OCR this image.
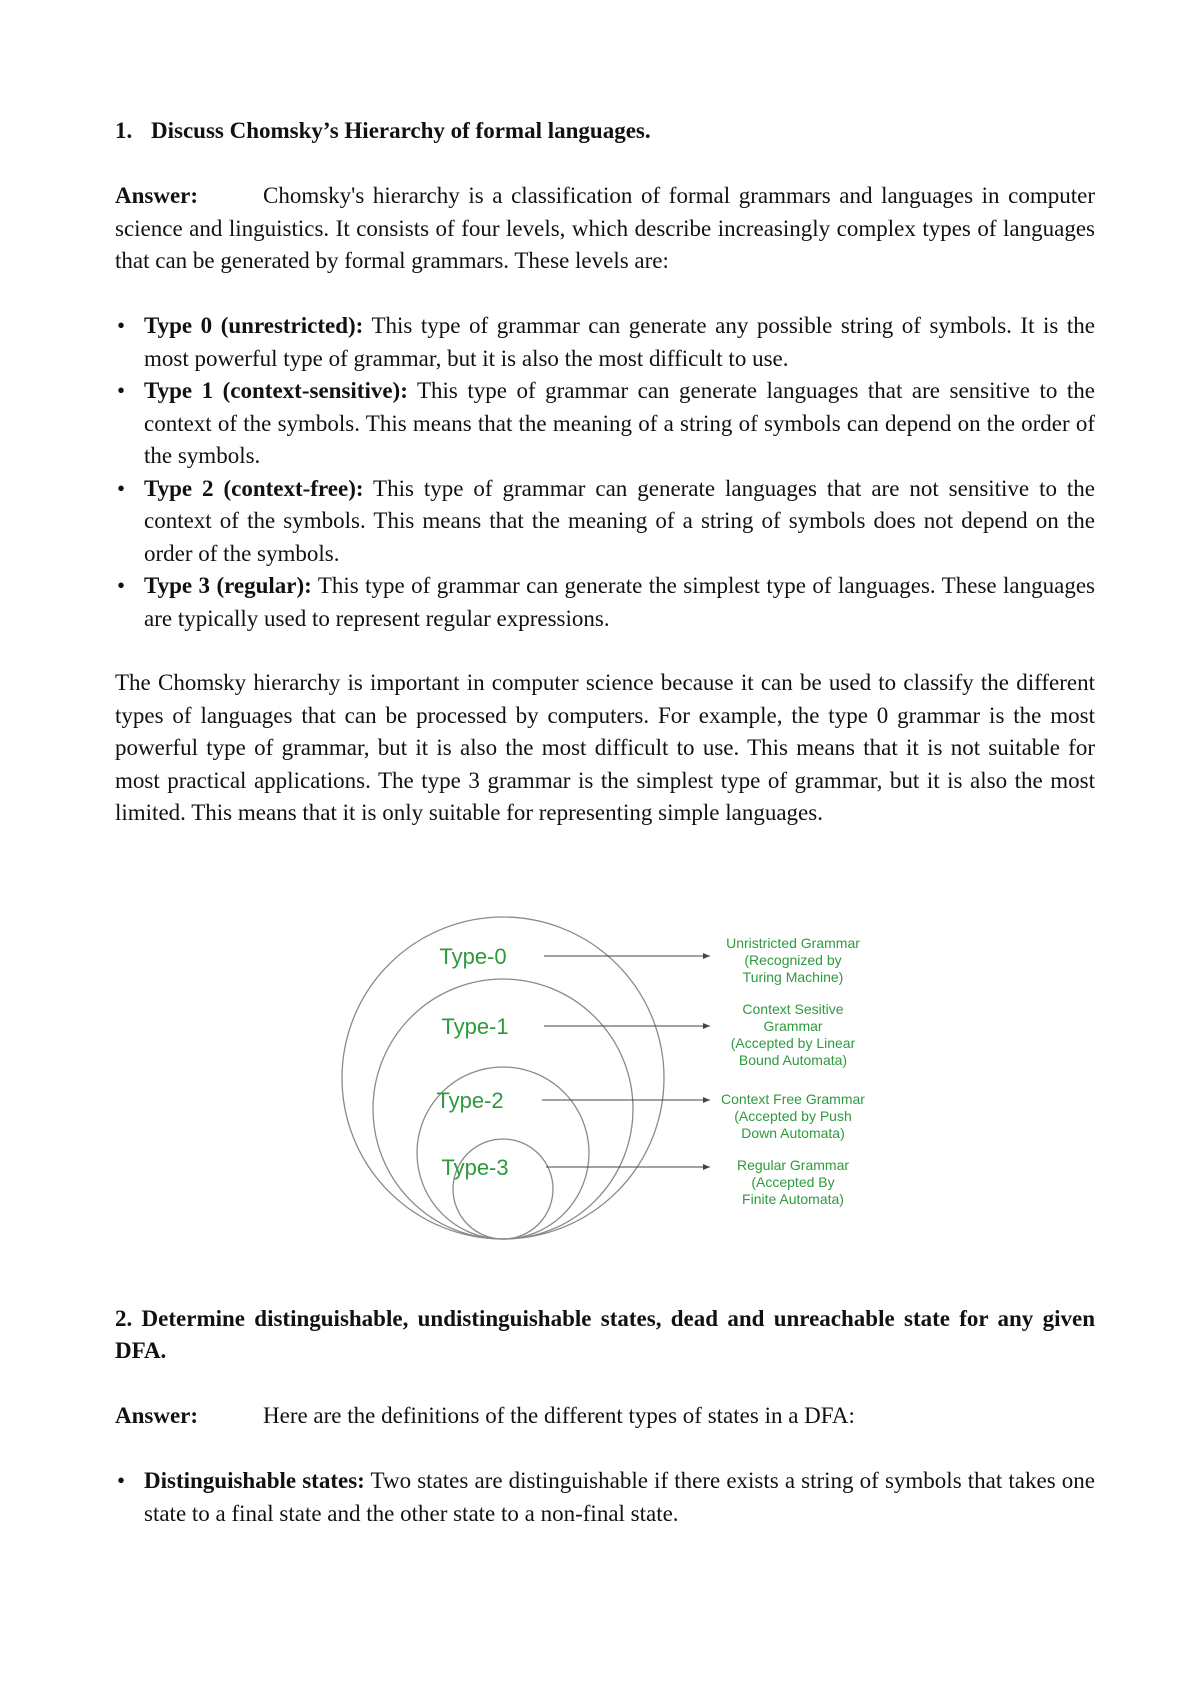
1. Discuss Chomsky’s Hierarchy of formal languages.

Answer:	Chomsky's hierarchy is a classification of formal grammars and languages in computer science and linguistics. It consists of four levels, which describe increasingly complex types of languages that can be generated by formal grammars. These levels are:

• Type 0 (unrestricted): This type of grammar can generate any possible string of symbols. It is the most powerful type of grammar, but it is also the most difficult to use.
• Type 1 (context-sensitive): This type of grammar can generate languages that are sensitive to the context of the symbols. This means that the meaning of a string of symbols can depend on the order of the symbols.
• Type 2 (context-free): This type of grammar can generate languages that are not sensitive to the context of the symbols. This means that the meaning of a string of symbols does not depend on the order of the symbols.
• Type 3 (regular): This type of grammar can generate the simplest type of languages. These languages are typically used to represent regular expressions.

The Chomsky hierarchy is important in computer science because it can be used to classify the different types of languages that can be processed by computers. For example, the type 0 grammar is the most powerful type of grammar, but it is also the most difficult to use. This means that it is not suitable for most practical applications. The type 3 grammar is the simplest type of grammar, but it is also the most limited. This means that it is only suitable for representing simple languages.

2. Determine distinguishable, undistinguishable states, dead and unreachable state for any given DFA.

Answer:	Here are the definitions of the different types of states in a DFA:

• Distinguishable states: Two states are distinguishable if there exists a string of symbols that takes one state to a final state and the other state to a non-final state.
Type-0
Type-1
Type-2
Type-3
Unristricted Grammar
(Recognized by
Turing Machine)
Context Sesitive
Grammar
(Accepted by Linear
Bound Automata)
Context Free Grammar
(Accepted by Push
Down Automata)
Regular Grammar
(Accepted By
Finite Automata)
